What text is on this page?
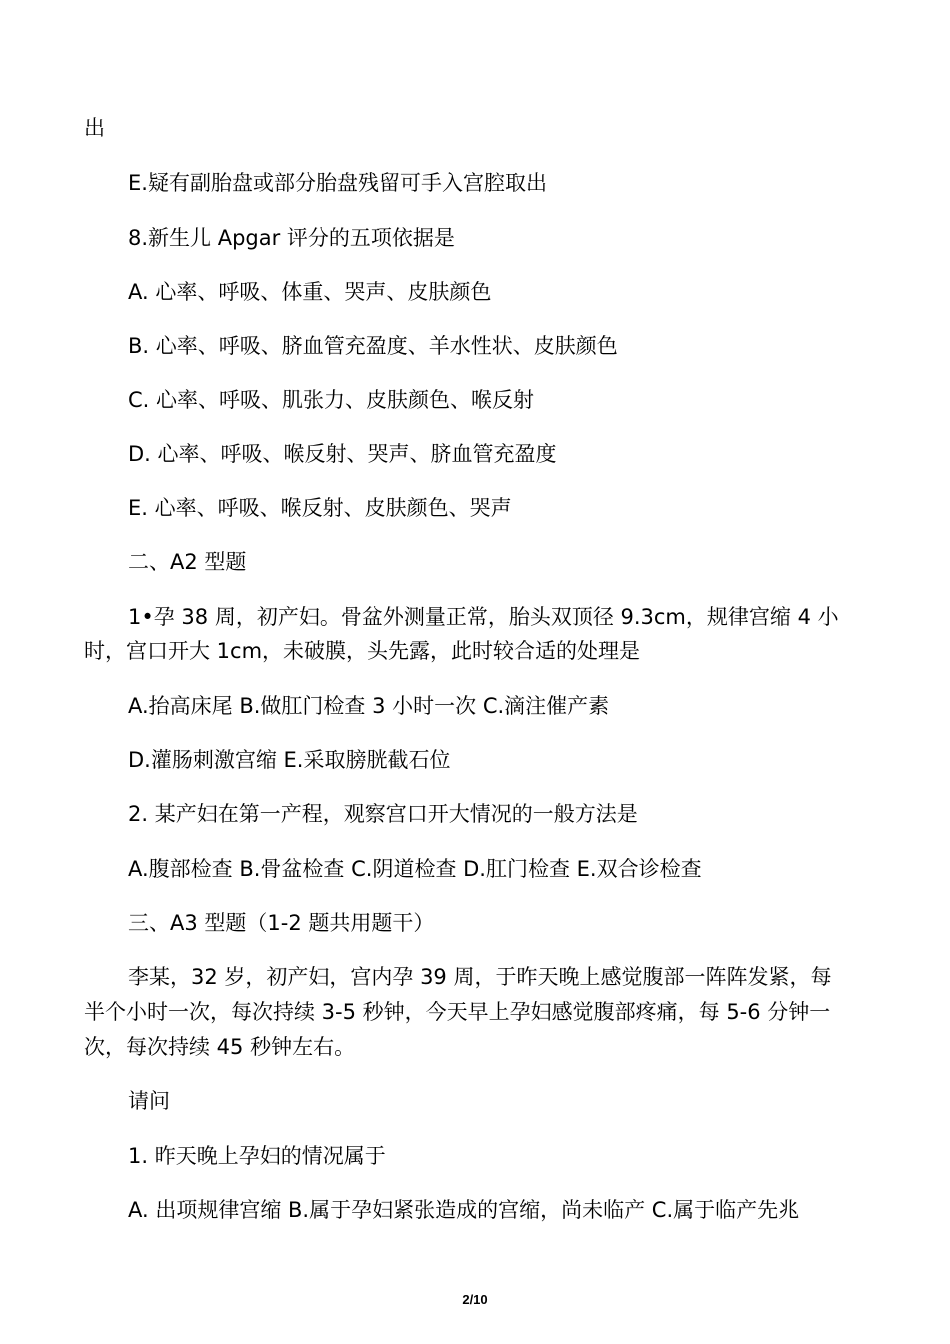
出
E.疑有副胎盘或部分胎盘残留可手入宫腔取出
8.新生儿 Apgar 评分的五项依据是
A. 心率、呼吸、体重、哭声、皮肤颜色
B. 心率、呼吸、脐血管充盈度、羊水性状、皮肤颜色
C. 心率、呼吸、肌张力、皮肤颜色、喉反射
D. 心率、呼吸、喉反射、哭声、脐血管充盈度
E. 心率、呼吸、喉反射、皮肤颜色、哭声
二、A2 型题
1•孕 38 周，初产妇。骨盆外测量正常，胎头双顶径 9.3cm，规律宫缩 4 小
时，宫口开大 1cm，未破膜，头先露，此时较合适的处理是
A.抬高床尾 B.做肛门检查 3 小时一次 C.滴注催产素
D.灌肠刺激宫缩 E.采取膀胱截石位
2. 某产妇在第一产程，观察宫口开大情况的一般方法是
A.腹部检查 B.骨盆检查 C.阴道检查 D.肛门检查 E.双合诊检查
三、A3 型题（1-2 题共用题干）
李某，32 岁，初产妇，宫内孕 39 周，于昨天晚上感觉腹部一阵阵发紧，每
半个小时一次，每次持续 3-5 秒钟，今天早上孕妇感觉腹部疼痛，每 5-6 分钟一
次，每次持续 45 秒钟左右。
请问
1. 昨天晚上孕妇的情况属于
A. 出项规律宫缩 B.属于孕妇紧张造成的宫缩，尚未临产 C.属于临产先兆
2/10
